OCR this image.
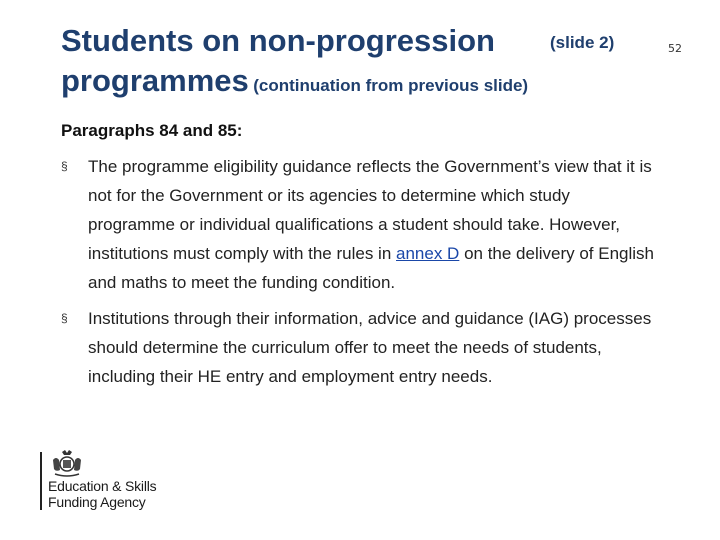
Students on non-progression	(slide 2)
programmes (continuation from previous slide)
52
Paragraphs 84 and 85:
§	The programme eligibility guidance reflects the Government’s view that it is not for the Government or its agencies to determine which study programme or individual qualifications a student should take. However, institutions must comply with the rules in annex D on the delivery of English and maths to meet the funding condition.
§	Institutions through their information, advice and guidance (IAG) processes should determine the curriculum offer to meet the needs of students, including their HE entry and employment entry needs.
Education & Skills
Funding Agency
